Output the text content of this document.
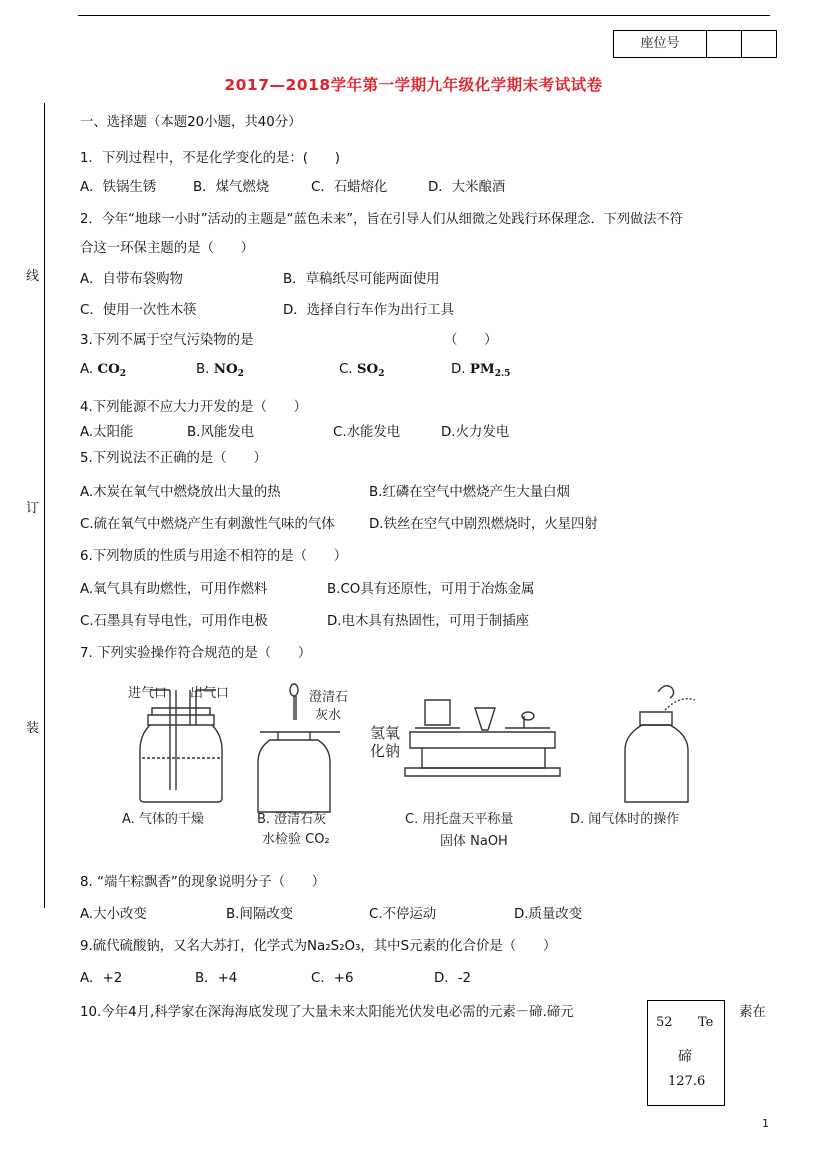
座位号
2017—2018学年第一学期九年级化学期末考试试卷
线
订
装
一、选择题（本题20小题，共40分）
1．下列过程中，不是化学变化的是：(　　)
A．铁锅生锈	B．煤气燃烧	C．石蜡熔化	D．大米酿酒
2．今年“地球一小时”活动的主题是“蓝色未来”，旨在引导人们从细微之处践行环保理念．下列做法不符
合这一环保主题的是（　　）
A．自带布袋购物	B．草稿纸尽可能两面使用
C．使用一次性木筷	D．选择自行车作为出行工具
3.下列不属于空气污染物的是	（　　）
A. $CO_2$	B. $NO_2$	C. $SO_2$	D. $PM_{2.5}$
4.下列能源不应大力开发的是（　　）
A.太阳能	B.风能发电	C.水能发电	D.火力发电
5.下列说法不正确的是（　　）
A.木炭在氧气中燃烧放出大量的热	B.红磷在空气中燃烧产生大量白烟
C.硫在氧气中燃烧产生有刺激性气味的气体	D.铁丝在空气中剧烈燃烧时，火星四射
6.下列物质的性质与用途不相符的是（　　）
A.氧气具有助燃性，可用作燃料	B.CO具有还原性，可用于冶炼金属
C.石墨具有导电性，可用作电极	D.电木具有热固性，可用于制插座
7. 下列实验操作符合规范的是（　　）
进气口 出气口
A. 气体的干燥
澄清石
灰水
B. 澄清石灰
水检验 CO₂
氢氧
化钠
C. 用托盘天平称量
固体 NaOH
D. 闻气体时的操作
8. “端午粽飘香”的现象说明分子（　　）
A.大小改变	B.间隔改变	C.不停运动	D.质量改变
9.硫代硫酸钠，又名大苏打，化学式为Na₂S₂O₃，其中S元素的化合价是（　　）
A．+2	B．+4	C．+6	D．-2
10.今年4月,科学家在深海海底发现了大量未来太阳能光伏发电必需的元素－碲.碲元	素在
52 Te
碲
127.6
1
